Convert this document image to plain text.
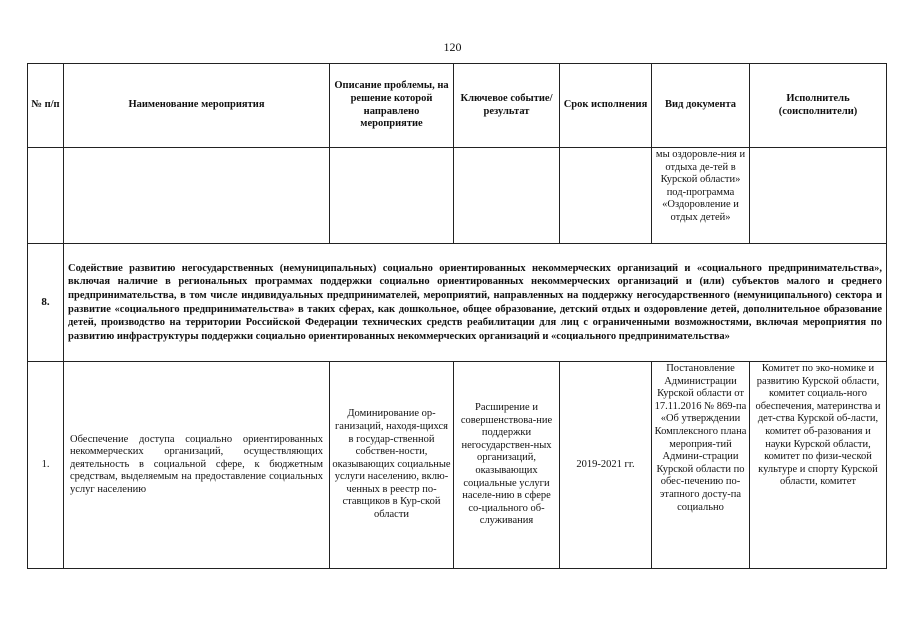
120
№ п/п	Наименование мероприятия	Описание проблемы, на решение которой направлено мероприятие	Ключевое событие/ результат	Срок исполнения	Вид документа	Исполнитель (соисполнители)
					мы оздоровле-ния и отдыха де-тей в Курской области» под-программа «Оздоровление и отдых детей»	
8.	Содействие развитию негосударственных (немуниципальных) социально ориентированных некоммерческих организаций и «социального предпринимательства», включая наличие в региональных программах поддержки социально ориентированных некоммерческих организаций и (или) субъектов малого и среднего предпринимательства, в том числе индивидуальных предпринимателей, мероприятий, направленных на поддержку негосударственного (немуниципального) сектора и развитие «социального предпринимательства» в таких сферах, как дошкольное, общее образование, детский отдых и оздоровление детей, дополнительное образование детей, производство на территории Российской Федерации технических средств реабилитации для лиц с ограниченными возможностями, включая мероприятия по развитию инфраструктуры поддержки социально ориентированных некоммерческих организаций и «социального предпринимательства»					
1.	Обеспечение доступа социально ориентированных некоммерческих организаций, осуществляющих деятельность в социальной сфере, к бюджетным средствам, выделяемым на предоставление социальных услуг населению	Доминирование ор-ганизаций, находя-щихся в государ-ственной собствен-ности, оказывающих социальные услуги населению, вклю-ченных в реестр по-ставщиков в Кур-ской области	Расширение и совершенствова-ние поддержки негосударствен-ных организаций, оказывающих социальные услуги населе-нию в сфере со-циального об-служивания	2019-2021 гг.	Постановление Администрации Курской области от 17.11.2016 № 869-па «Об утверждении Комплексного плана мероприя-тий Админи-страции Курской области по обес-печению по-этапного досту-па социально	Комитет по эко-номике и развитию Курской области, комитет социаль-ного обеспечения, материнства и дет-ства Курской об-ласти, комитет об-разования и науки Курской области, комитет по физи-ческой культуре и спорту Курской области, комитет
